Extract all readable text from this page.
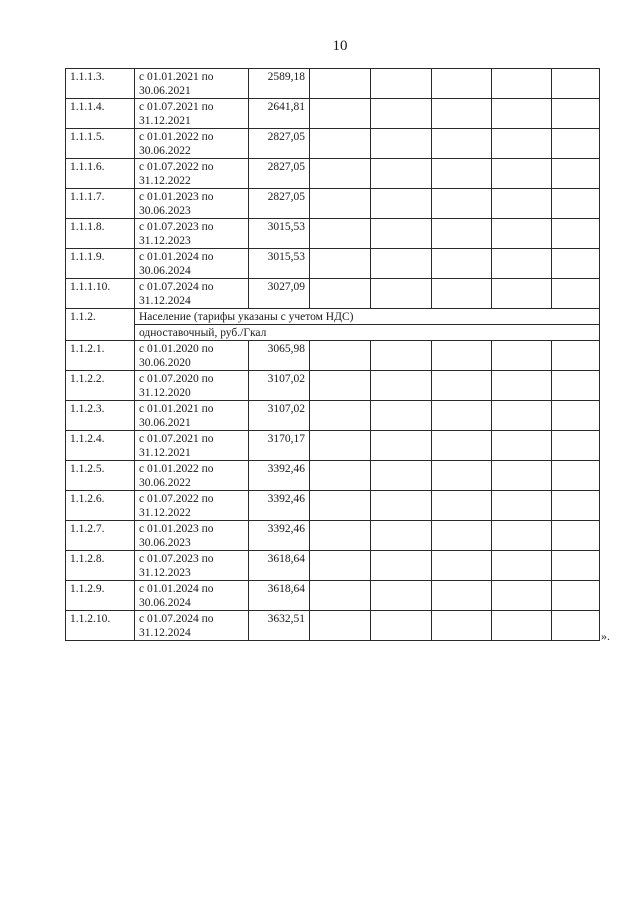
10
1.1.1.3.	с 01.01.2021 по 30.06.2021	2589,18					
1.1.1.4.	с 01.07.2021 по 31.12.2021	2641,81					
1.1.1.5.	с 01.01.2022 по 30.06.2022	2827,05					
1.1.1.6.	с 01.07.2022 по 31.12.2022	2827,05					
1.1.1.7.	с 01.01.2023 по 30.06.2023	2827,05					
1.1.1.8.	с 01.07.2023 по 31.12.2023	3015,53					
1.1.1.9.	с 01.01.2024 по 30.06.2024	3015,53					
1.1.1.10.	с 01.07.2024 по 31.12.2024	3027,09					
1.1.2.	Население (тарифы указаны с учетом НДС)						
	одноставочный, руб./Гкал						
1.1.2.1.	с 01.01.2020 по 30.06.2020	3065,98					
1.1.2.2.	с 01.07.2020 по 31.12.2020	3107,02					
1.1.2.3.	с 01.01.2021 по 30.06.2021	3107,02					
1.1.2.4.	с 01.07.2021 по 31.12.2021	3170,17					
1.1.2.5.	с 01.01.2022 по 30.06.2022	3392,46					
1.1.2.6.	с 01.07.2022 по 31.12.2022	3392,46					
1.1.2.7.	с 01.01.2023 по 30.06.2023	3392,46					
1.1.2.8.	с 01.07.2023 по 31.12.2023	3618,64					
1.1.2.9.	с 01.01.2024 по 30.06.2024	3618,64					
1.1.2.10.	с 01.07.2024 по 31.12.2024	3632,51					
».
